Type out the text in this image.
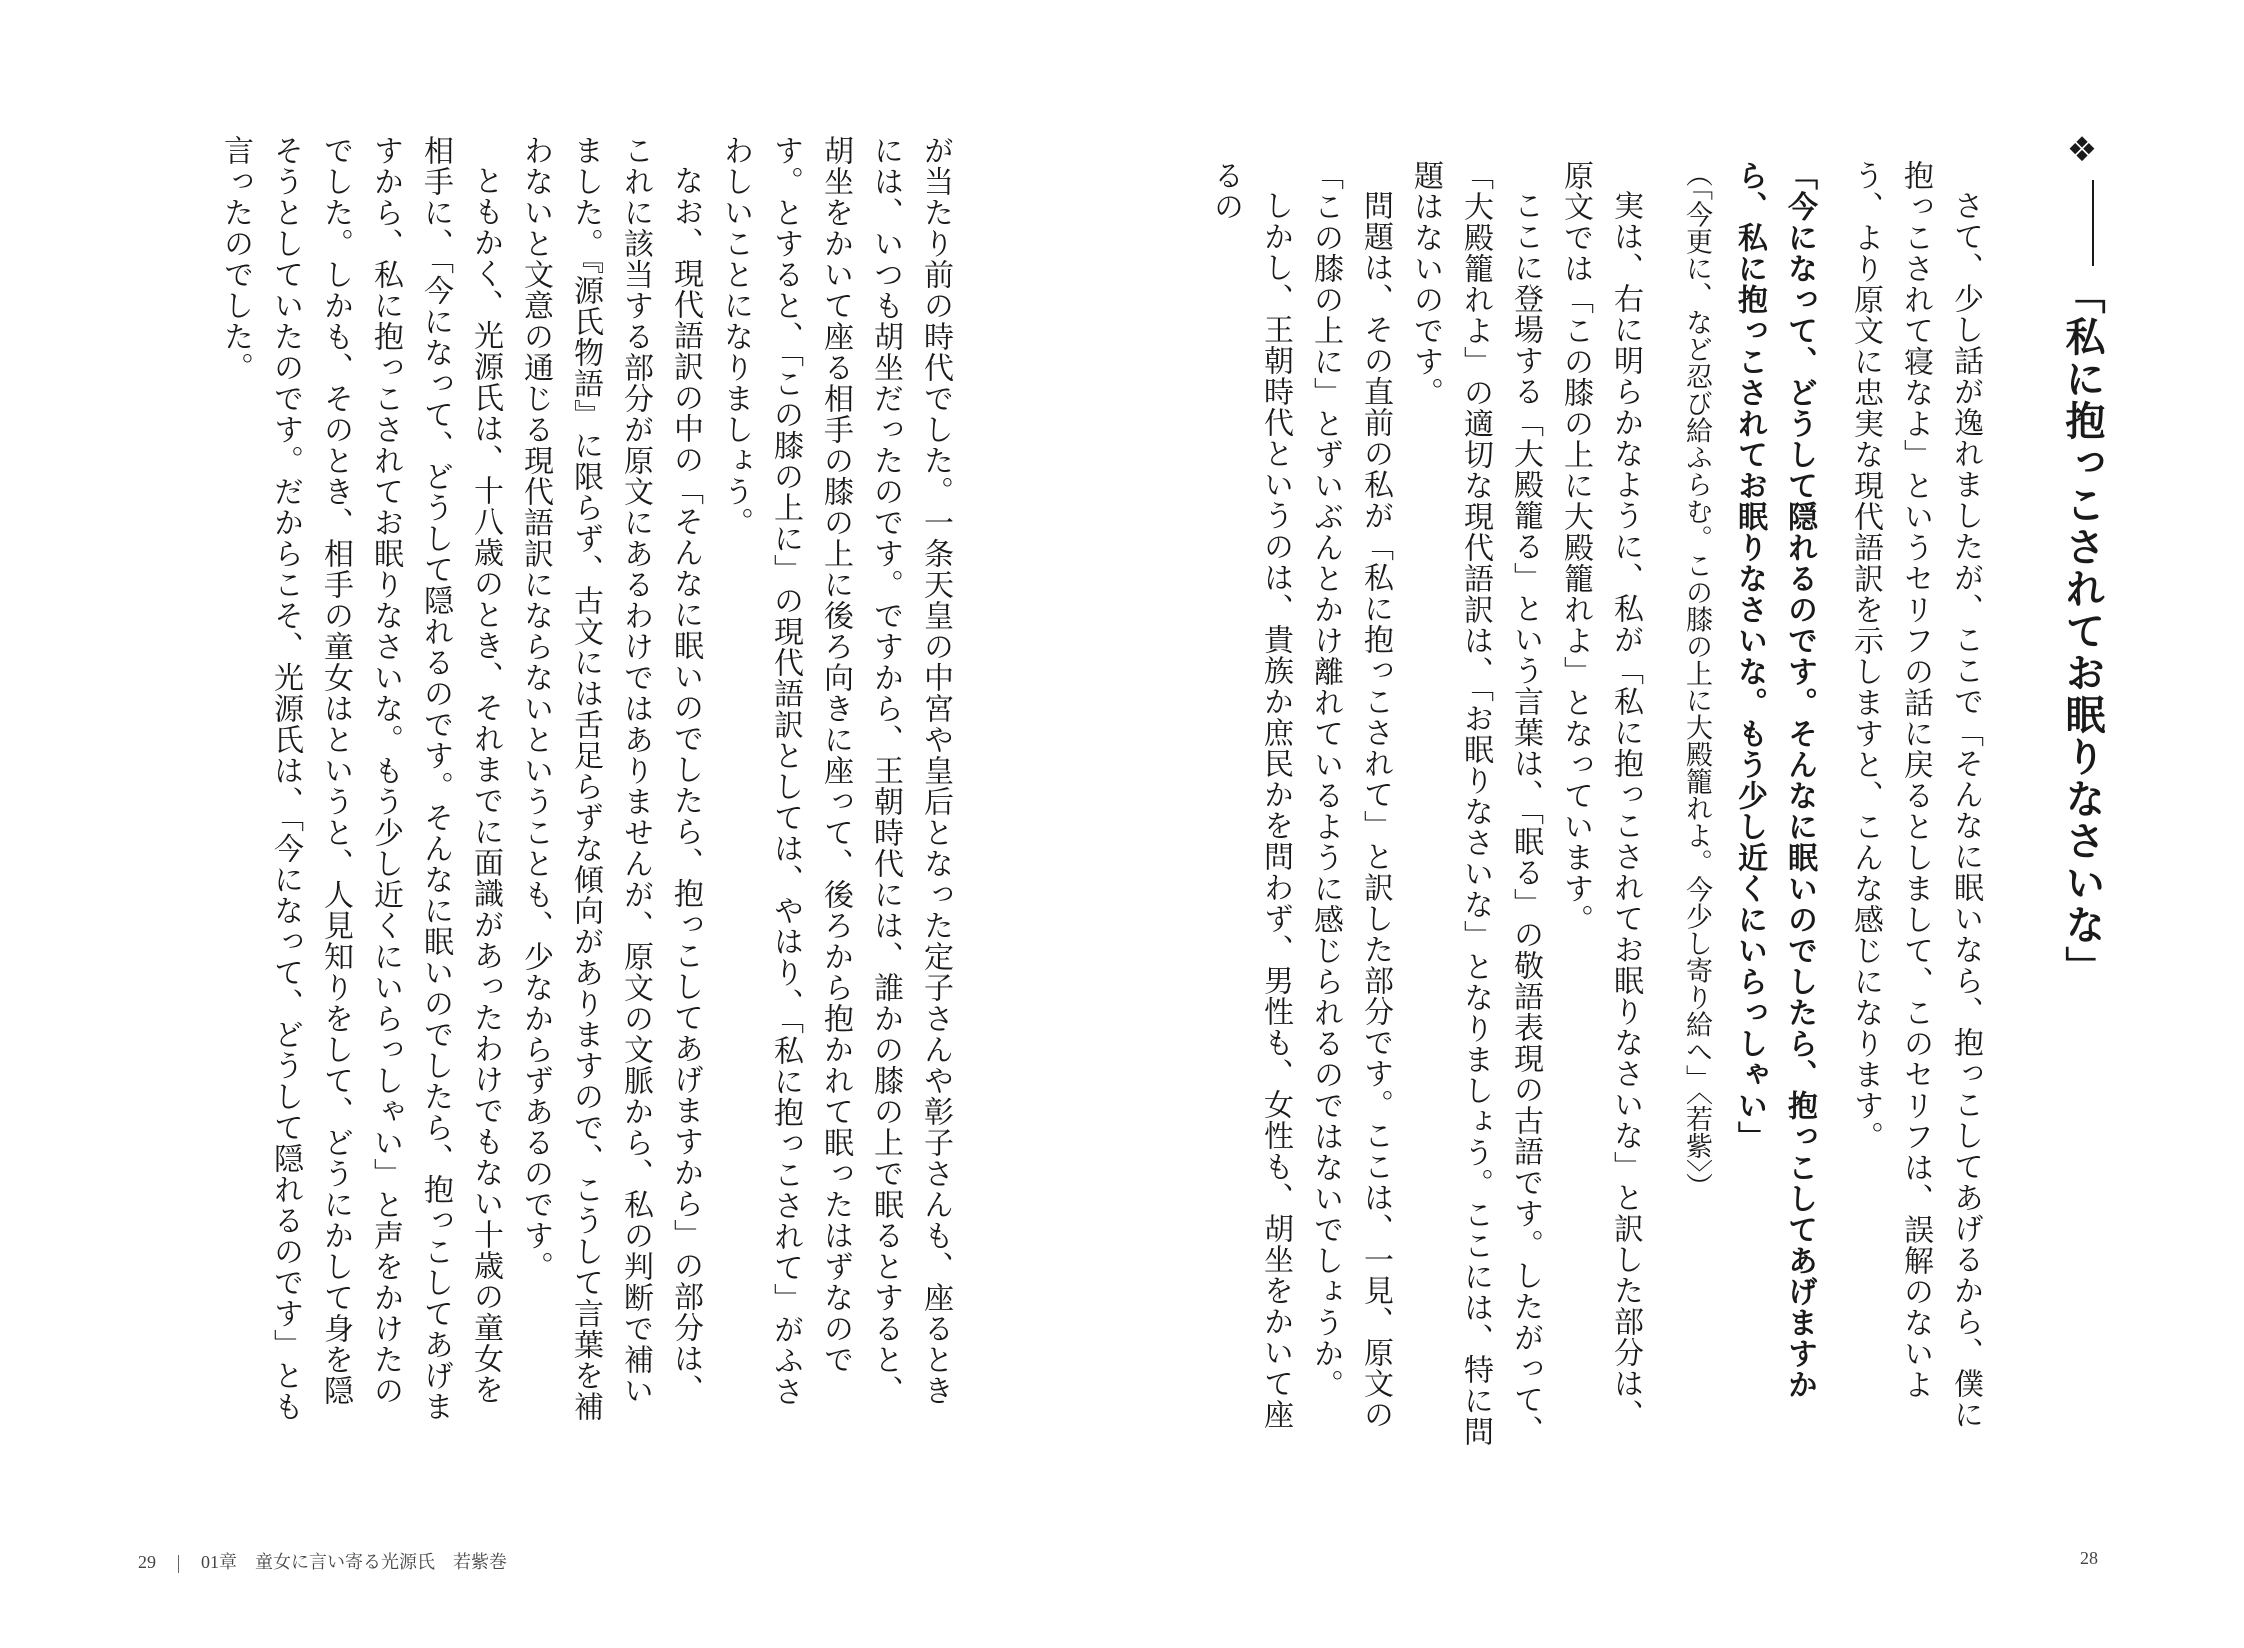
❖「私に抱っこされてお眠りなさいな」

さて、少し話が逸れましたが、ここで「そんなに眠いなら、抱っこしてあげるから、僕に抱っこされて寝なよ」というセリフの話に戻るとしまして、このセリフは、誤解のないよう、より原文に忠実な現代語訳を示しますと、こんな感じになります。

「今になって、どうして隠れるのです。そんなに眠いのでしたら、抱っこしてあげますから、私に抱っこされてお眠りなさいな。もう少し近くにいらっしゃい」
（「今更に、など忍び給ふらむ。この膝の上に大殿籠れよ。今少し寄り給へ」〈若紫〉）

実は、右に明らかなように、私が「私に抱っこされてお眠りなさいな」と訳した部分は、原文では「この膝の上に大殿籠れよ」となっています。

ここに登場する「大殿籠る」という言葉は、「眠る」の敬語表現の古語です。したがって、「大殿籠れよ」の適切な現代語訳は、「お眠りなさいな」となりましょう。ここには、特に問題はないのです。

問題は、その直前の私が「私に抱っこされて」と訳した部分です。ここは、一見、原文の「この膝の上に」とずいぶんとかけ離れているように感じられるのではないでしょうか。

しかし、王朝時代というのは、貴族か庶民かを問わず、男性も、女性も、胡坐をかいて座るの

が当たり前の時代でした。一条天皇の中宮や皇后となった定子さんや彰子さんも、座るときには、いつも胡坐だったのです。ですから、王朝時代には、誰かの膝の上で眠るとすると、胡坐をかいて座る相手の膝の上に後ろ向きに座って、後ろから抱かれて眠ったはずなのです。とすると、「この膝の上に」の現代語訳としては、やはり、「私に抱っこされて」がふさわしいことになりましょう。

なお、現代語訳の中の「そんなに眠いのでしたら、抱っこしてあげますから」の部分は、これに該当する部分が原文にあるわけではありませんが、原文の文脈から、私の判断で補いました。『源氏物語』に限らず、古文には舌足らずな傾向がありますので、こうして言葉を補わないと文意の通じる現代語訳にならないということも、少なからずあるのです。

ともかく、光源氏は、十八歳のとき、それまでに面識があったわけでもない十歳の童女を相手に、「今になって、どうして隠れるのです。そんなに眠いのでしたら、抱っこしてあげますから、私に抱っこされてお眠りなさいな。もう少し近くにいらっしゃい」と声をかけたのでした。しかも、そのとき、相手の童女はというと、人見知りをして、どうにかして身を隠そうとしていたのです。だからこそ、光源氏は、「今になって、どうして隠れるのです」とも言ったのでした。

29	01章　童女に言い寄る光源氏　若紫巻	28
